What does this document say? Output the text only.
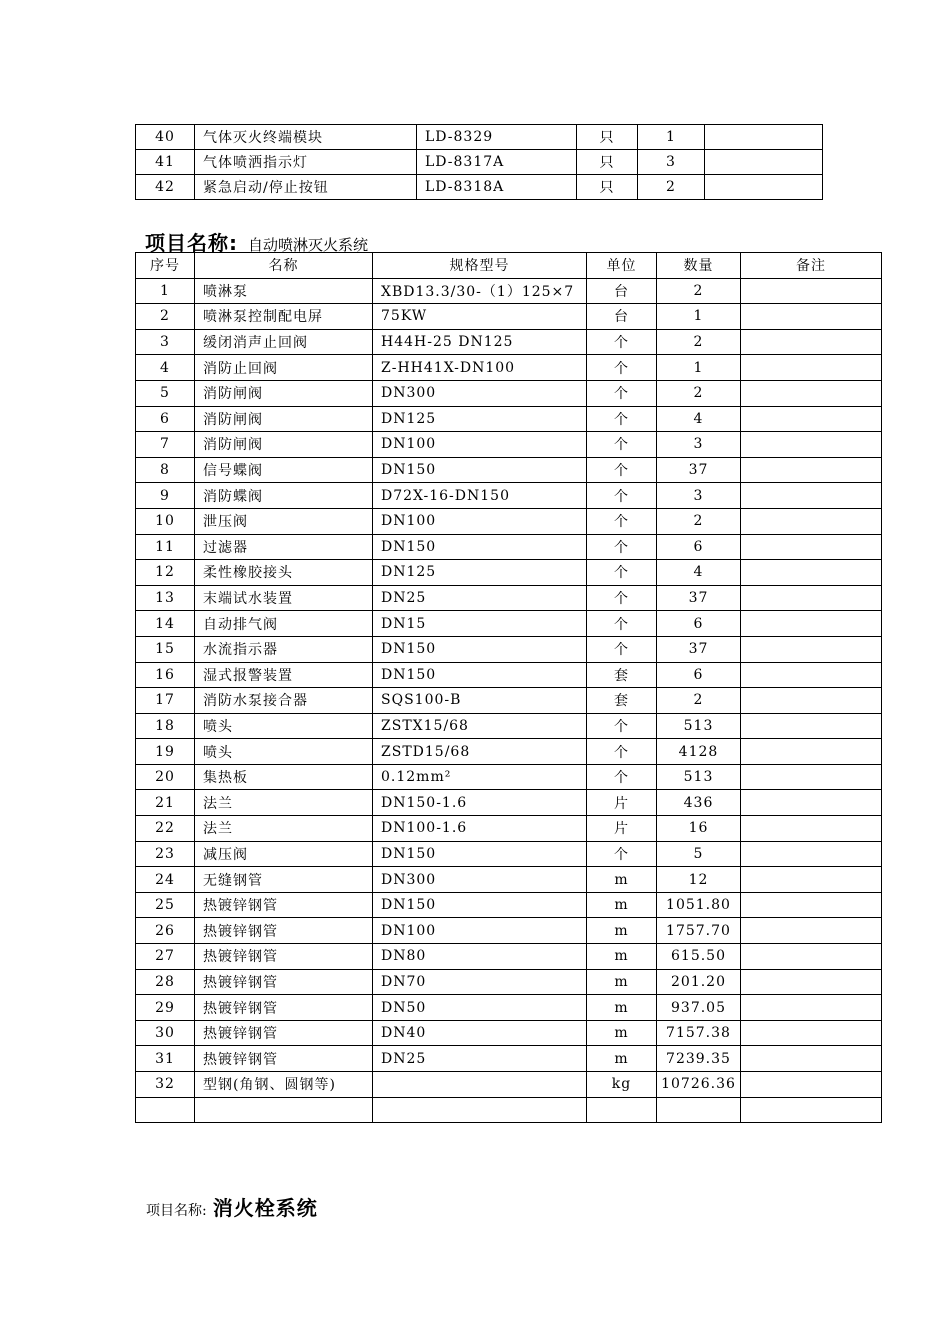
40	气体灭火终端模块	LD-8329	只	1	
41	气体喷洒指示灯	LD-8317A	只	3	
42	紧急启动/停止按钮	LD-8318A	只	2	
项目名称: 自动喷淋灭火系统
序号	名称	规格型号	单位	数量	备注
1	喷淋泵	XBD13.3/30-（1）125×7	台	2	
2	喷淋泵控制配电屏	75KW	台	1	
3	缓闭消声止回阀	H44H-25 DN125	个	2	
4	消防止回阀	Z-HH41X-DN100	个	1	
5	消防闸阀	DN300	个	2	
6	消防闸阀	DN125	个	4	
7	消防闸阀	DN100	个	3	
8	信号蝶阀	DN150	个	37	
9	消防蝶阀	D72X-16-DN150	个	3	
10	泄压阀	DN100	个	2	
11	过滤器	DN150	个	6	
12	柔性橡胶接头	DN125	个	4	
13	末端试水装置	DN25	个	37	
14	自动排气阀	DN15	个	6	
15	水流指示器	DN150	个	37	
16	湿式报警装置	DN150	套	6	
17	消防水泵接合器	SQS100-B	套	2	
18	喷头	ZSTX15/68	个	513	
19	喷头	ZSTD15/68	个	4128	
20	集热板	0.12mm²	个	513	
21	法兰	DN150-1.6	片	436	
22	法兰	DN100-1.6	片	16	
23	减压阀	DN150	个	5	
24	无缝钢管	DN300	m	12	
25	热镀锌钢管	DN150	m	1051.80	
26	热镀锌钢管	DN100	m	1757.70	
27	热镀锌钢管	DN80	m	615.50	
28	热镀锌钢管	DN70	m	201.20	
29	热镀锌钢管	DN50	m	937.05	
30	热镀锌钢管	DN40	m	7157.38	
31	热镀锌钢管	DN25	m	7239.35	
32	型钢(角钢、圆钢等)		kg	10726.36	

项目名称: 消火栓系统
